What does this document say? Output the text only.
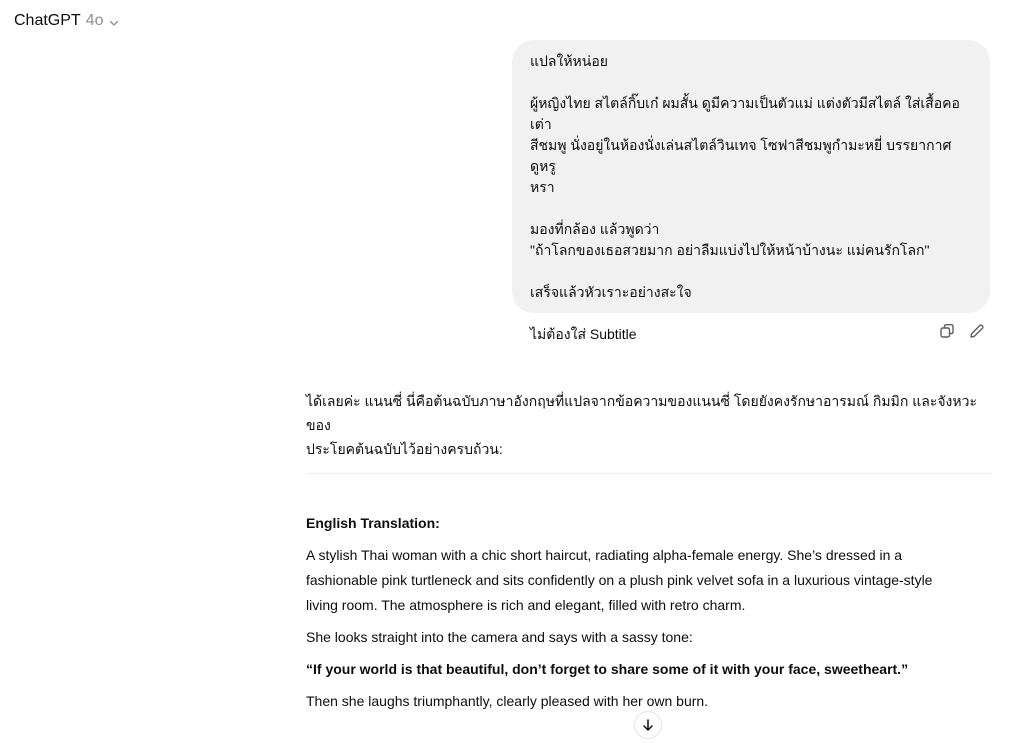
ChatGPT 4o

แปลให้หน่อย

ผู้หญิงไทย สไตล์กิ๊บเก๋ ผมสั้น ดูมีความเป็นตัวแม่ แต่งตัวมีสไตล์ ใส่เสื้อคอเต่า

สีชมพู นั่งอยู่ในห้องนั่งเล่นสไตล์วินเทจ โซฟาสีชมพูกำมะหยี่ บรรยากาศดูหรู

หรา

มองที่กล้อง แล้วพูดว่า

"ถ้าโลกของเธอสวยมาก อย่าลืมแบ่งไปให้หน้าบ้างนะ แม่คนรักโลก"

เสร็จแล้วหัวเราะอย่างสะใจ

ไม่ต้องใส่ Subtitle

ได้เลยค่ะ แนนซี่ นี่คือต้นฉบับภาษาอังกฤษที่แปลจากข้อความของแนนซี่ โดยยังคงรักษาอารมณ์ กิมมิก และจังหวะของ

ประโยคต้นฉบับไว้อย่างครบถ้วน:

English Translation:

A stylish Thai woman with a chic short haircut, radiating alpha-female energy. She’s dressed in a

fashionable pink turtleneck and sits confidently on a plush pink velvet sofa in a luxurious vintage-style

living room. The atmosphere is rich and elegant, filled with retro charm.

She looks straight into the camera and says with a sassy tone:
“If your world is that beautiful, don’t forget to share some of it with your face, sweetheart.”
Then she laughs triumphantly, clearly pleased with her own burn.
